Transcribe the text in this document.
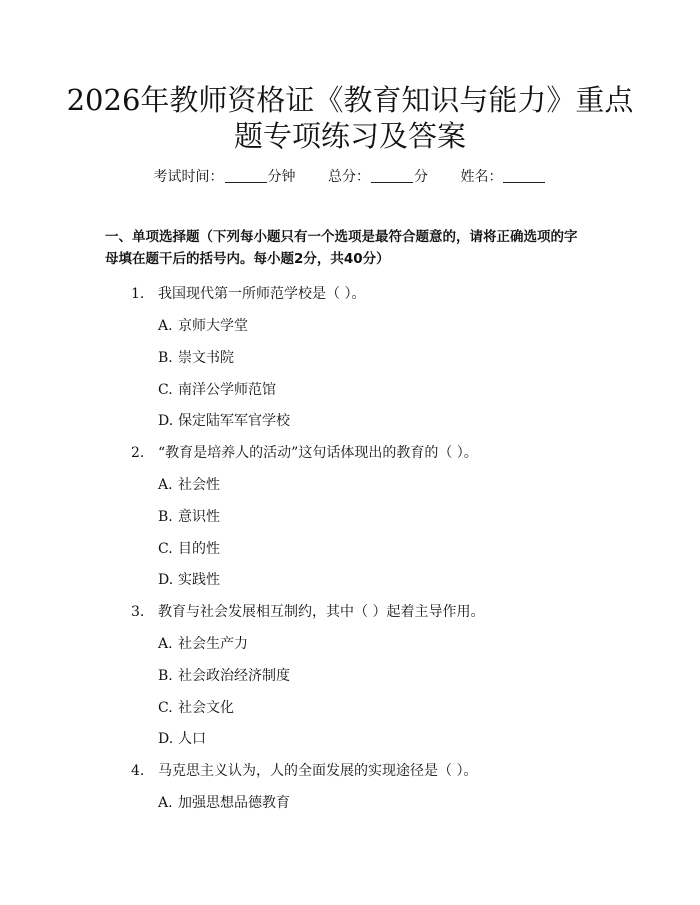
2026年教师资格证《教育知识与能力》重点
题专项练习及答案
考试时间：	分钟 总分：	分 姓名：
一、单项选择题（下列每小题只有一个选项是最符合题意的，请将正确选项的字
母填在题干后的括号内。每小题2分，共40分）
1. 我国现代第一所师范学校是（ ）。
A. 京师大学堂
B. 崇文书院
C. 南洋公学师范馆
D. 保定陆军军官学校
2. “教育是培养人的活动”这句话体现出的教育的（ ）。
A. 社会性
B. 意识性
C. 目的性
D. 实践性
3. 教育与社会发展相互制约，其中（ ）起着主导作用。
A. 社会生产力
B. 社会政治经济制度
C. 社会文化
D. 人口
4. 马克思主义认为，人的全面发展的实现途径是（ ）。
A. 加强思想品德教育
